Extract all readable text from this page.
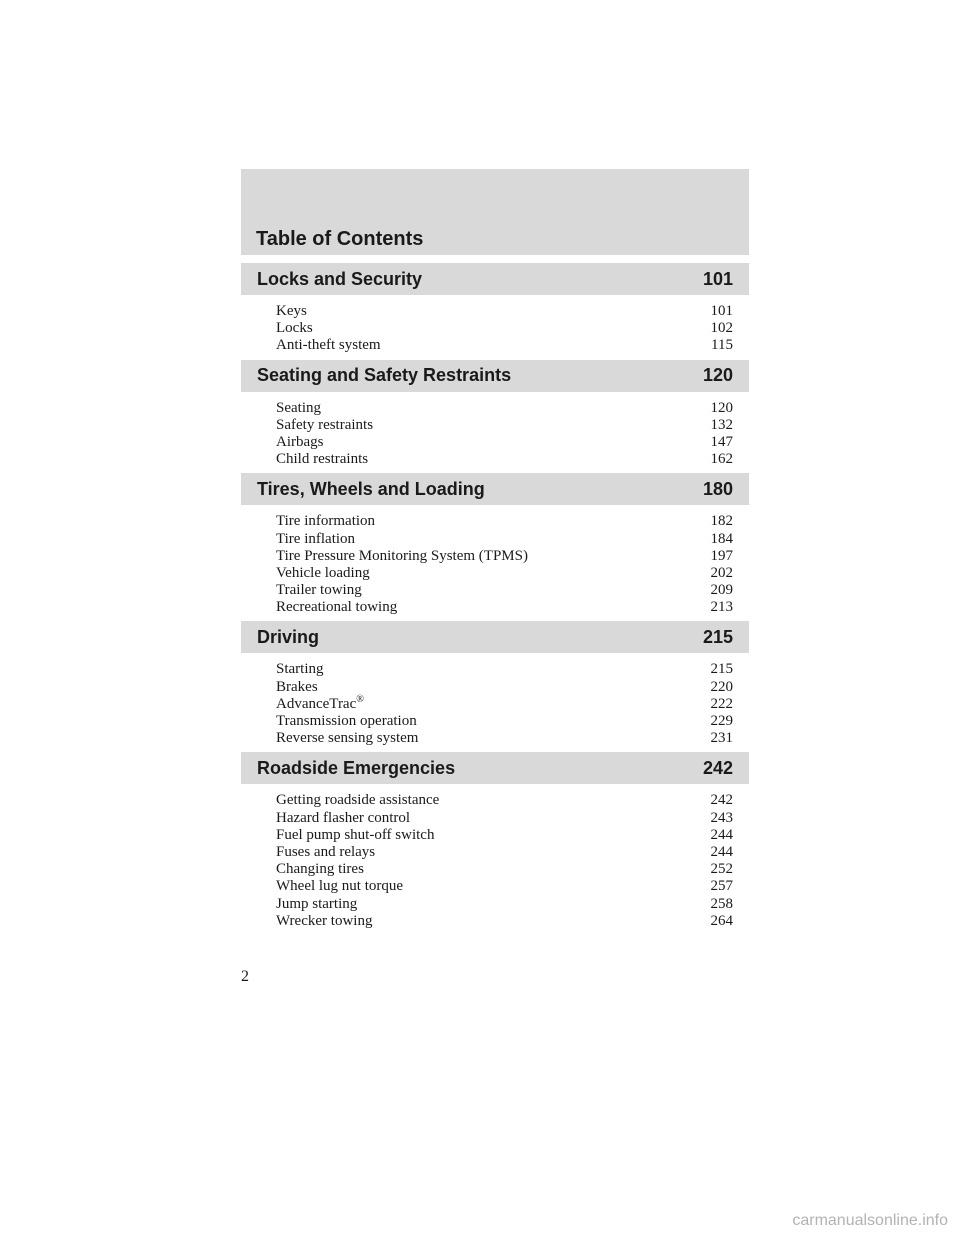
Table of Contents
Locks and Security	101
Keys	101
Locks	102
Anti-theft system	115
Seating and Safety Restraints	120
Seating	120
Safety restraints	132
Airbags	147
Child restraints	162
Tires, Wheels and Loading	180
Tire information	182
Tire inflation	184
Tire Pressure Monitoring System (TPMS)	197
Vehicle loading	202
Trailer towing	209
Recreational towing	213
Driving	215
Starting	215
Brakes	220
AdvanceTrac®	222
Transmission operation	229
Reverse sensing system	231
Roadside Emergencies	242
Getting roadside assistance	242
Hazard flasher control	243
Fuel pump shut-off switch	244
Fuses and relays	244
Changing tires	252
Wheel lug nut torque	257
Jump starting	258
Wrecker towing	264
2
carmanualsonline.info
